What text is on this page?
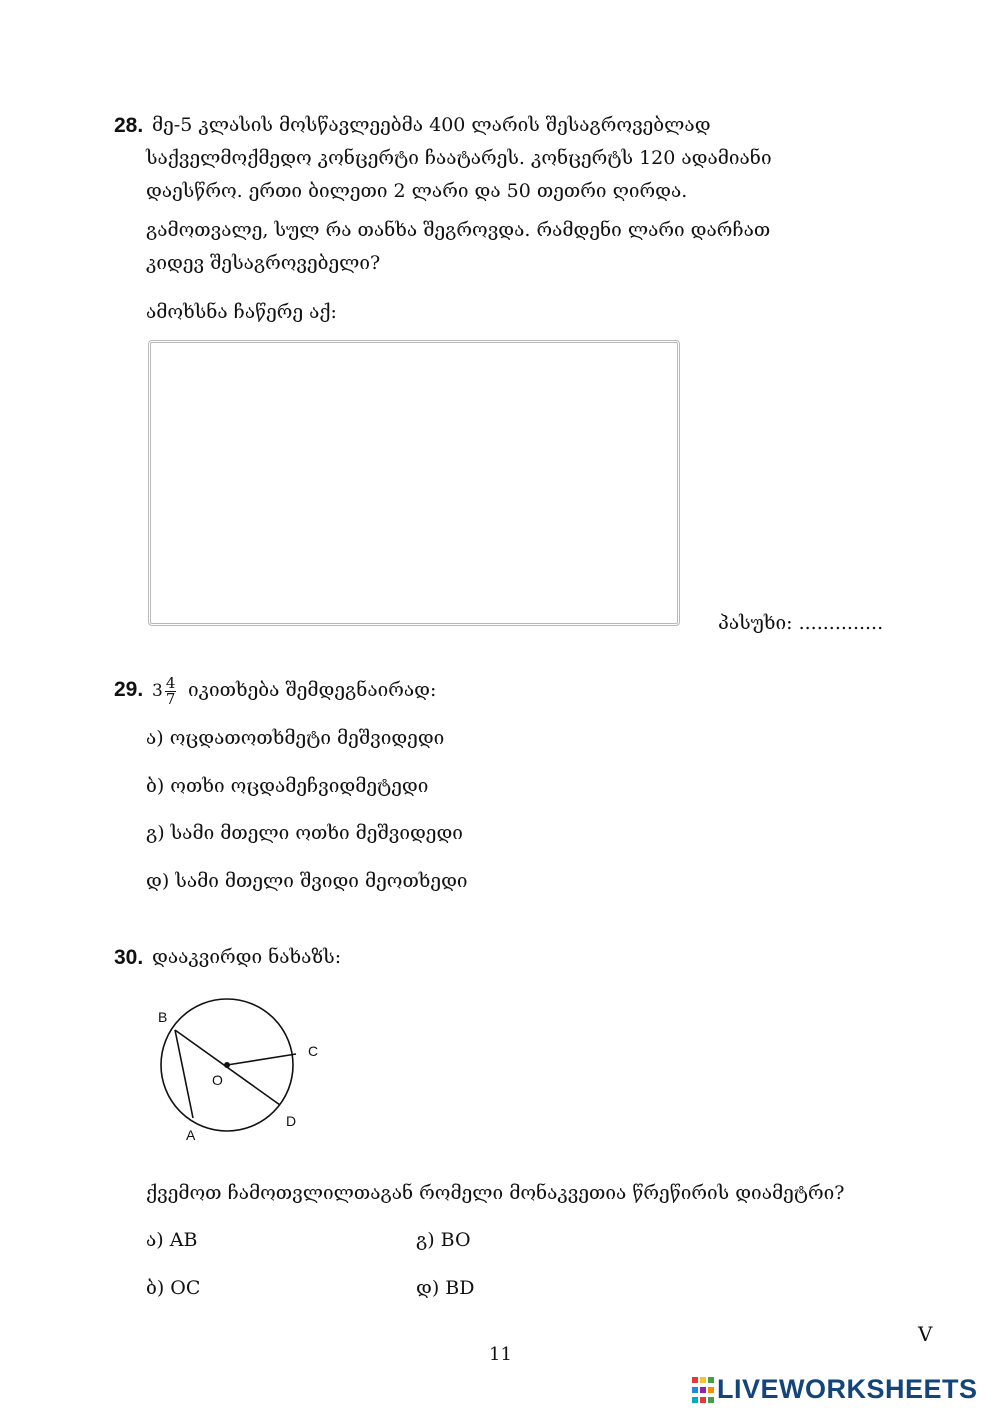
28. მე-5 კლასის მოსწავლეებმა 400 ლარის შესაგროვებლად
საქველმოქმედო კონცერტი ჩაატარეს. კონცერტს 120 ადამიანი
დაესწრო. ერთი ბილეთი 2 ლარი და 50 თეთრი ღირდა.
გამოთვალე, სულ რა თანხა შეგროვდა. რამდენი ლარი დარჩათ
კიდევ შესაგროვებელი?
ამოხსნა ჩაწერე აქ:
პასუხი: ..............
29. $3 \frac{4}{7}$ იკითხება შემდეგნაირად:
ა) ოცდათოთხმეტი მეშვიდედი
ბ) ოთხი ოცდამეჩვიდმეტედი
გ) სამი მთელი ოთხი მეშვიდედი
დ) სამი მთელი შვიდი მეოთხედი
30. დააკვირდი ნახაზს:
B
C
O
A
D
ქვემოთ ჩამოთვლილთაგან რომელი მონაკვეთია წრეწირის დიამეტრი?
ა) AB
ბ) OC
გ) BO
დ) BD
V
11
LIVEWORKSHEETS
